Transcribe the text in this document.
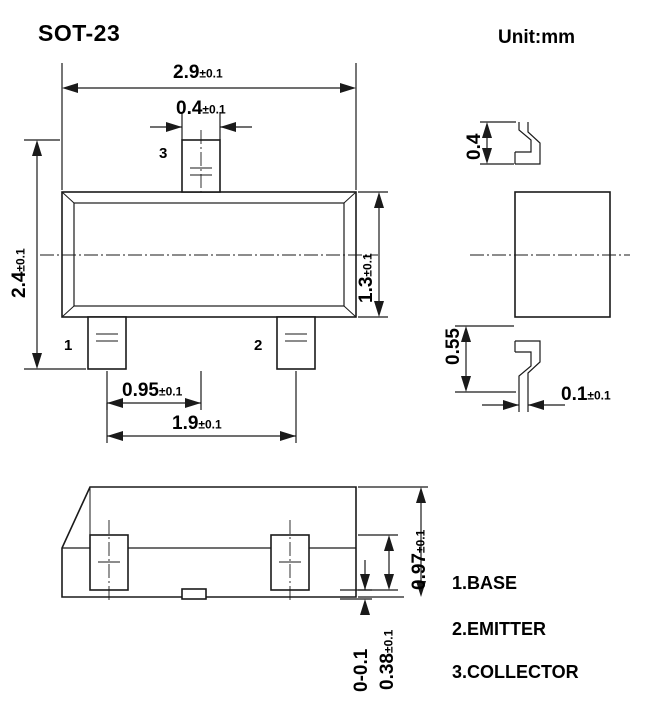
SOT-23	Unit:mm
2.9±0.1
0.4±0.1
2.4±0.1
1.3±0.1
0.95±0.1
1.9±0.1
3
1	2
0.4
0.55
0.1±0.1
0.97±0.1
0.38±0.1
0-0.1
1.BASE
2.EMITTER
3.COLLECTOR
